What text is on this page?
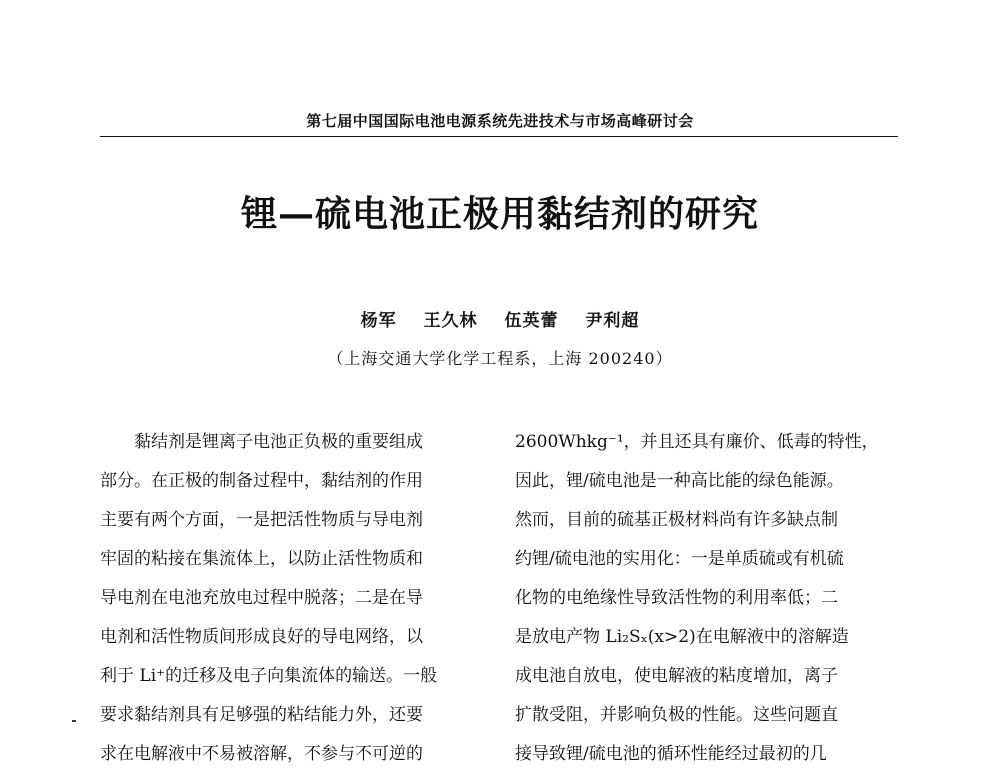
第七届中国国际电池电源系统先进技术与市场高峰研讨会
锂—硫电池正极用黏结剂的研究
杨军 王久林 伍英蕾 尹利超
（上海交通大学化学工程系，上海 200240）
　　黏结剂是锂离子电池正负极的重要组成
部分。在正极的制备过程中，黏结剂的作用
主要有两个方面，一是把活性物质与导电剂
牢固的粘接在集流体上，以防止活性物质和
导电剂在电池充放电过程中脱落；二是在导
电剂和活性物质间形成良好的导电网络，以
利于 Li⁺的迁移及电子向集流体的输送。一般
要求黏结剂具有足够强的粘结能力外，还要
求在电解液中不易被溶解，不参与不可逆的
2600Whkg⁻¹，并且还具有廉价、低毒的特性，
因此，锂/硫电池是一种高比能的绿色能源。
然而，目前的硫基正极材料尚有许多缺点制
约锂/硫电池的实用化：一是单质硫或有机硫
化物的电绝缘性导致活性物的利用率低；二
是放电产物 Li₂Sₓ(x>2)在电解液中的溶解造
成电池自放电，使电解液的粘度增加，离子
扩散受阻，并影响负极的性能。这些问题直
接导致锂/硫电池的循环性能经过最初的几
